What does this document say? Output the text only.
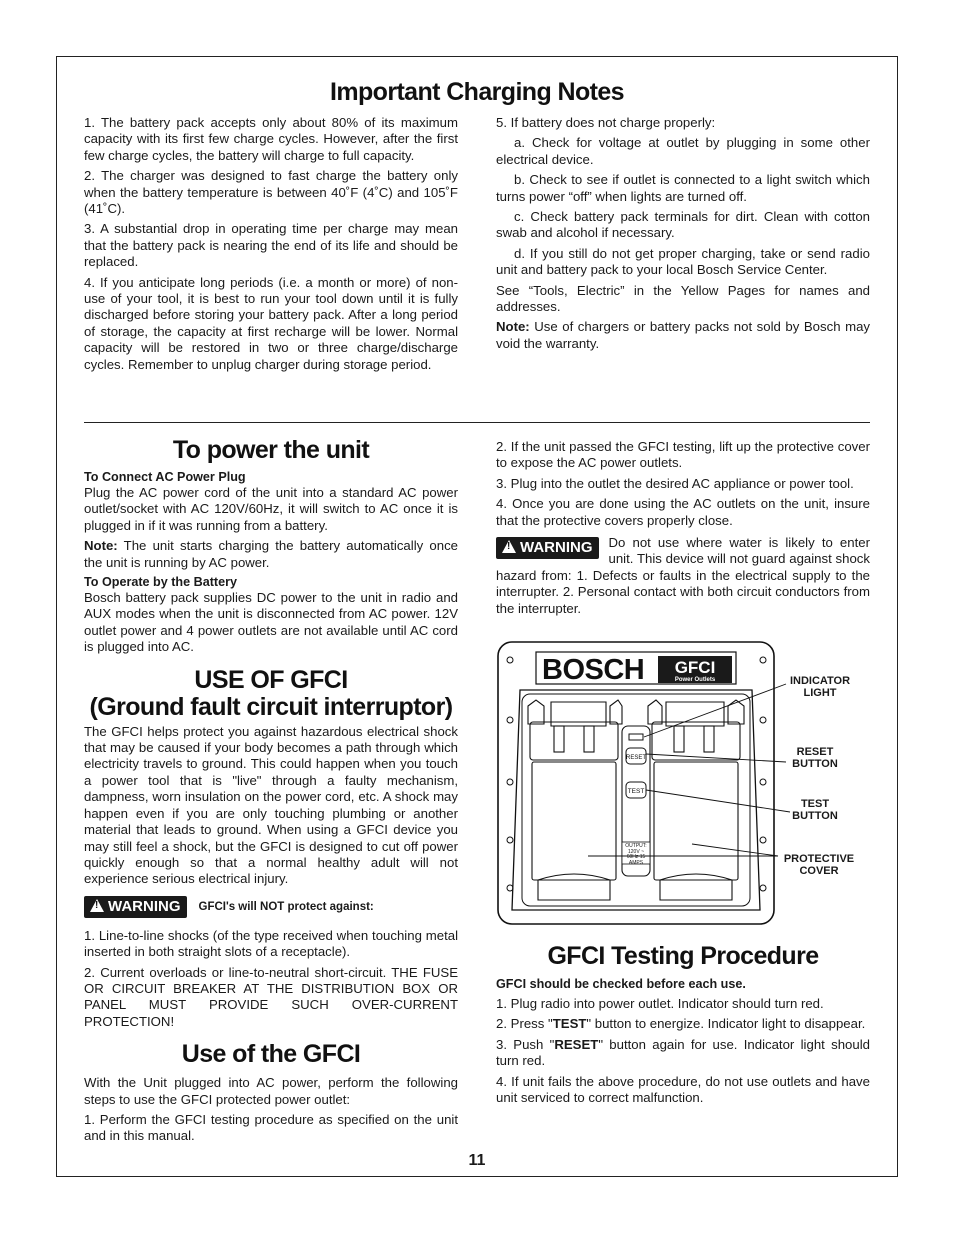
Important Charging Notes

1. The battery pack accepts only about 80% of its maximum capacity with its first few charge cycles. However, after the first few charge cycles, the battery will charge to full capacity.

2. The charger was designed to fast charge the battery only when the battery temperature is between 40˚F (4˚C) and 105˚F (41˚C).

3. A substantial drop in operating time per charge may mean that the battery pack is nearing the end of its life and should be replaced.

4. If you anticipate long periods (i.e. a month or more) of non-use of your tool, it is best to run your tool down until it is fully discharged before storing your battery pack. After a long period of storage, the capacity at first recharge will be lower. Normal capacity will be restored in two or three charge/discharge cycles. Remember to unplug charger during storage period.

5. If battery does not charge properly:

a. Check for voltage at outlet by plugging in some other electrical device.

b. Check to see if outlet is connected to a light switch which turns power “off” when lights are turned off.

c. Check battery pack terminals for dirt. Clean with cotton swab and alcohol if necessary.

d. If you still do not get proper charging, take or send radio unit and battery pack to your local Bosch Service Center.

See “Tools, Electric” in the Yellow Pages for names and addresses.

Note: Use of chargers or battery packs not sold by Bosch may void the warranty.

To power the unit
To Connect AC Power Plug

Plug the AC power cord of the unit into a standard AC power outlet/socket with AC 120V/60Hz, it will switch to AC once it is plugged in if it was running from a battery.

Note: The unit starts charging the battery automatically once the unit is running by AC power.

To Operate by the Battery

Bosch battery pack supplies DC power to the unit in radio and AUX modes when the unit is disconnected from AC power. 12V outlet power and 4 power outlets are not available until AC cord is plugged into AC.

USE OF GFCI
(Ground fault circuit interruptor)

The GFCI helps protect you against hazardous electrical shock that may be caused if your body becomes a path through which electricity travels to ground. This could happen when you touch a power tool that is "live" through a faulty mechanism, dampness, worn insulation on the power cord, etc. A shock may happen even if you are only touching plumbing or another material that leads to ground. When using a GFCI device you may still feel a shock, but the GFCI is designed to cut off power quickly enough so that a normal healthy adult will not experience serious electrical injury.

! WARNING	GFCI's will NOT protect against:

1. Line-to-line shocks (of the type received when touching metal inserted in both straight slots of a receptacle).

2. Current overloads or line-to-neutral short-circuit. THE FUSE OR CIRCUIT BREAKER AT THE DISTRIBUTION BOX OR PANEL MUST PROVIDE SUCH OVER-CURRENT PROTECTION!

Use of the GFCI

With the Unit plugged into AC power, perform the following steps to use the GFCI protected power outlet:

1. Perform the GFCI testing procedure as specified on the unit and in this manual.

2. If the unit passed the GFCI testing, lift up the protective cover to expose the AC power outlets.

3. Plug into the outlet the desired AC appliance or power tool.

4. Once you are done using the AC outlets on the unit, insure that the protective covers properly close.

! WARNING	Do not use where water is likely to enter unit. This device will not guard against shock hazard from: 1. Defects or faults in the electrical supply to the interrupter. 2. Personal contact with both circuit conductors from the interrupter.

BOSCH GFCI
Power Outlets
RESET
TEST
OUTPUT: 120V ~ 60Hz 15 AMPS
INDICATOR
LIGHT
RESET
BUTTON
TEST
BUTTON
PROTECTIVE
COVER
GFCI Testing Procedure
GFCI should be checked before each use.

1. Plug radio into power outlet. Indicator should turn red.

2. Press "TEST" button to energize. Indicator light to disappear.

3. Push "RESET" button again for use. Indicator light should turn red.

4. If unit fails the above procedure, do not use outlets and have unit serviced to correct malfunction.

11
